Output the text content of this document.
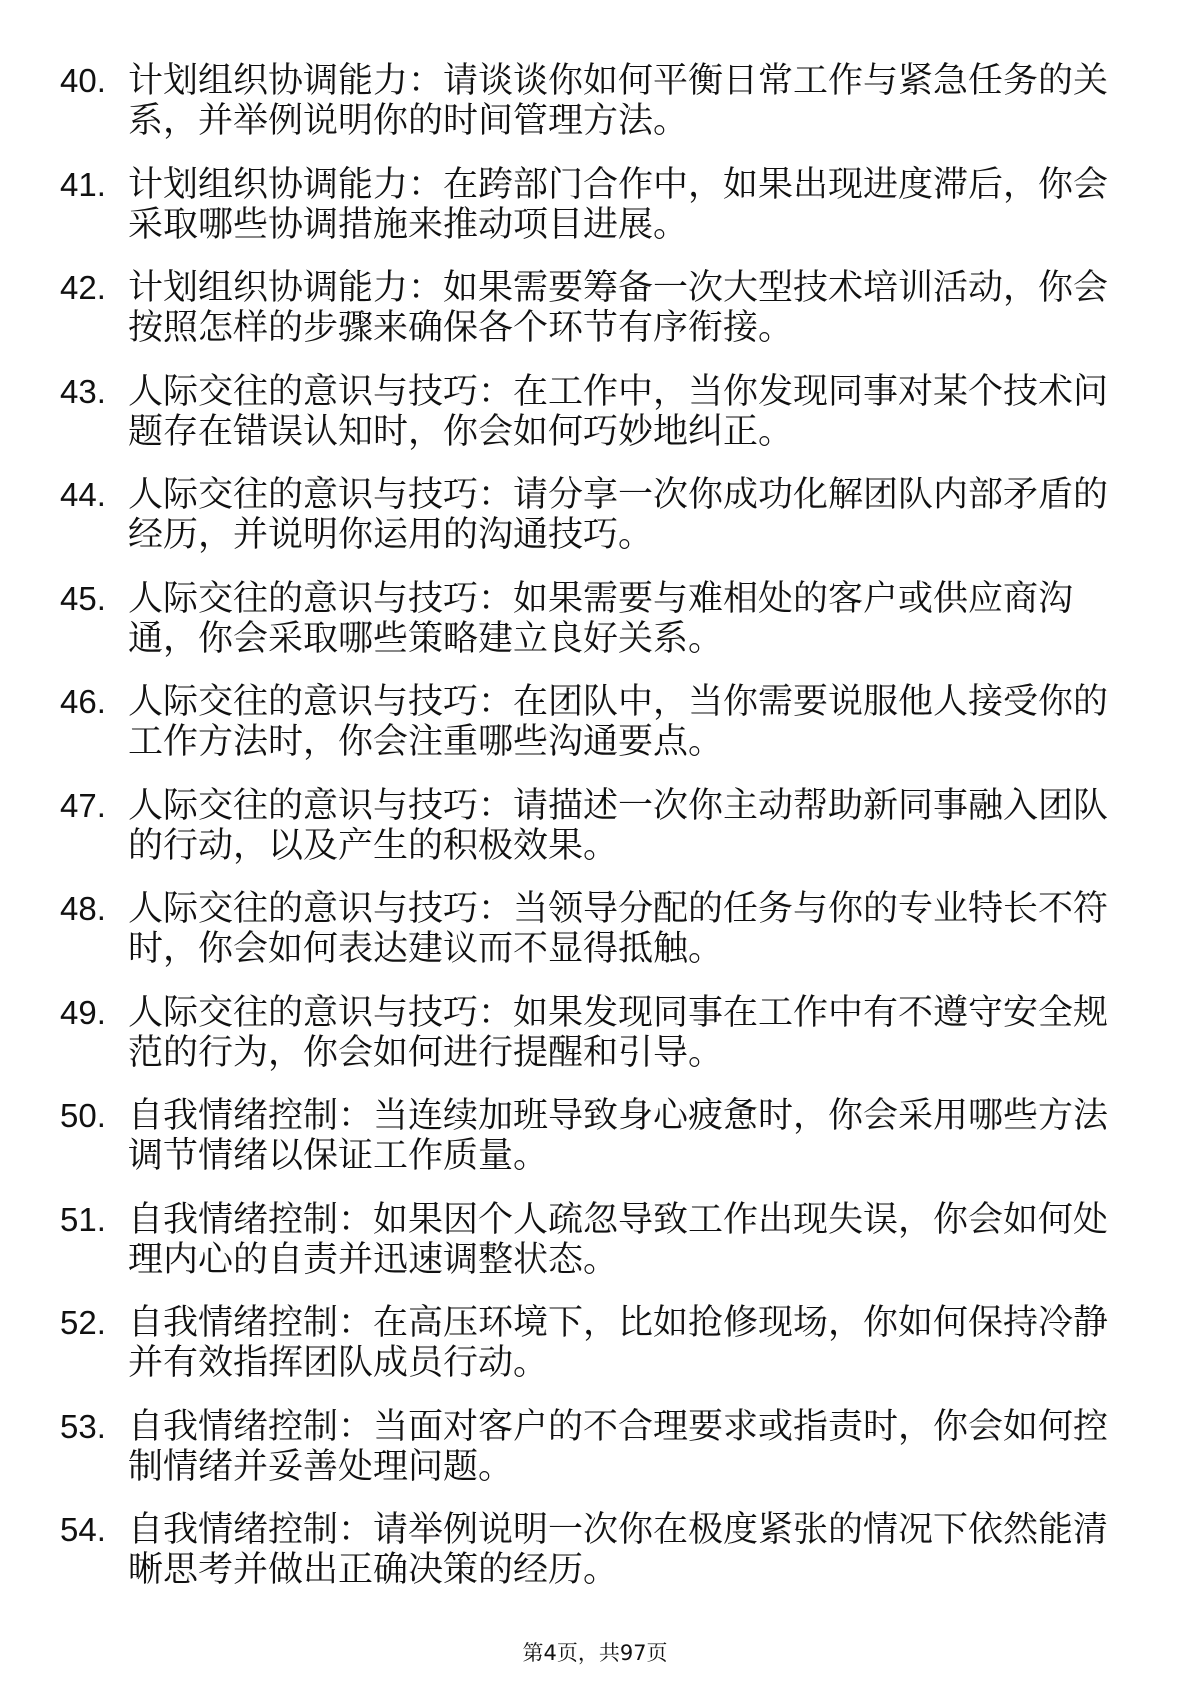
40. 计划组织协调能力：请谈谈你如何平衡日常工作与紧急任务的关
系，并举例说明你的时间管理方法。
41. 计划组织协调能力：在跨部门合作中，如果出现进度滞后，你会
采取哪些协调措施来推动项目进展。
42. 计划组织协调能力：如果需要筹备一次大型技术培训活动，你会
按照怎样的步骤来确保各个环节有序衔接。
43. 人际交往的意识与技巧：在工作中，当你发现同事对某个技术问
题存在错误认知时，你会如何巧妙地纠正。
44. 人际交往的意识与技巧：请分享一次你成功化解团队内部矛盾的
经历，并说明你运用的沟通技巧。
45. 人际交往的意识与技巧：如果需要与难相处的客户或供应商沟
通，你会采取哪些策略建立良好关系。
46. 人际交往的意识与技巧：在团队中，当你需要说服他人接受你的
工作方法时，你会注重哪些沟通要点。
47. 人际交往的意识与技巧：请描述一次你主动帮助新同事融入团队
的行动，以及产生的积极效果。
48. 人际交往的意识与技巧：当领导分配的任务与你的专业特长不符
时，你会如何表达建议而不显得抵触。
49. 人际交往的意识与技巧：如果发现同事在工作中有不遵守安全规
范的行为，你会如何进行提醒和引导。
50. 自我情绪控制：当连续加班导致身心疲惫时，你会采用哪些方法
调节情绪以保证工作质量。
51. 自我情绪控制：如果因个人疏忽导致工作出现失误，你会如何处
理内心的自责并迅速调整状态。
52. 自我情绪控制：在高压环境下，比如抢修现场，你如何保持冷静
并有效指挥团队成员行动。
53. 自我情绪控制：当面对客户的不合理要求或指责时，你会如何控
制情绪并妥善处理问题。
54. 自我情绪控制：请举例说明一次你在极度紧张的情况下依然能清
晰思考并做出正确决策的经历。
第4页，共97页
